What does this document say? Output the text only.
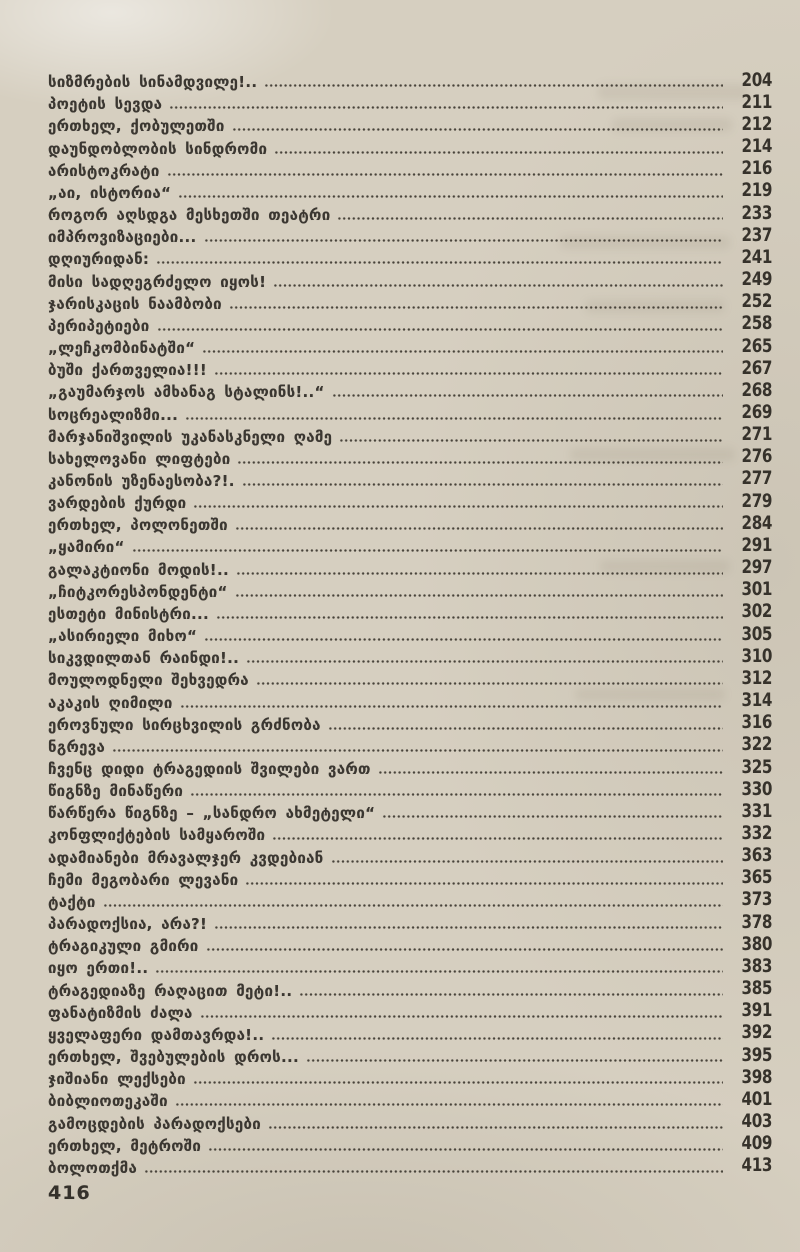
სიზმრების სინამდვილე!..	204
პოეტის სევდა	211
ერთხელ, ქობულეთში	212
დაუნდობლობის სინდრომი	214
არისტოკრატი	216
„აი, ისტორია“	219
როგორ აღსდგა მესხეთში თეატრი	233
იმპროვიზაციები...	237
დღიურიდან:	241
მისი სადღეგრძელო იყოს!	249
ჯარისკაცის ნაამბობი	252
პერიპეტიები	258
„ლეჩკომბინატში“	265
ბუში ქართველია!!!	267
„გაუმარჯოს ამხანაგ სტალინს!..“	268
სოცრეალიზმი...	269
მარჯანიშვილის უკანასკნელი ღამე	271
სახელოვანი ლიფტები	276
კანონის უზენაესობა?!.	277
ვარდების ქურდი	279
ერთხელ, პოლონეთში	284
„ყამირი“	291
გალაკტიონი მოდის!..	297
„ჩიტკორესპონდენტი“	301
ესთეტი მინისტრი...	302
„ასირიელი მიხო“	305
სიკვდილთან რაინდი!..	310
მოულოდნელი შეხვედრა	312
აკაკის ღიმილი	314
ეროვნული სირცხვილის გრძნობა	316
ნგრევა	322
ჩვენც დიდი ტრაგედიის შვილები ვართ	325
წიგნზე მინაწერი	330
წარწერა წიგნზე – „სანდრო ახმეტელი“	331
კონფლიქტების სამყაროში	332
ადამიანები მრავალჯერ კვდებიან	363
ჩემი მეგობარი ლევანი	365
ტაქტი	373
პარადოქსია, არა?!	378
ტრაგიკული გმირი	380
იყო ერთი!..	383
ტრაგედიაზე რაღაცით მეტი!..	385
ფანატიზმის ძალა	391
ყველაფერი დამთავრდა!..	392
ერთხელ, შვებულების დროს...	395
ჯიშიანი ლექსები	398
ბიბლიოთეკაში	401
გამოცდების პარადოქსები	403
ერთხელ, მეტროში	409
ბოლოთქმა	413
416
